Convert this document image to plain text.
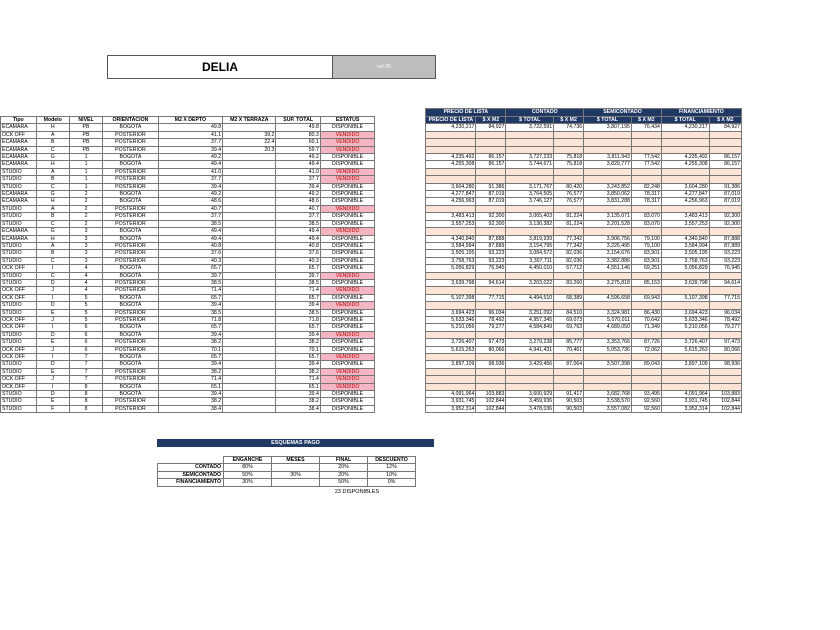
DELIA	oct-25
									PRECIO DE LISTA		CONTADO		SEMICONTADO		FINANCIAMIENTO	
Tipo	Modelo	NIVEL	ORIENTACION	M2 X DEPTO	M2 X TERRAZA	SUP. TOTAL	ESTATUS		PRECIO DE LISTA	$ X M2	$ TOTAL	$ X M2	$ TOTAL	$ X M2	$ TOTAL	$ X M2
ECAMARA	H	PB	BOGOTA	49.8		49.8	DISPONIBLE		4,230,217	84,927	3,722,591	74,736	3,807,195	76,434	4,230,217	84,927
OCK OFF	A	PB	POSTERIOR	41.1	39.2	80.3	VENDIDO									
ECAMARA	B	PB	POSTERIOR	37.7	22.4	60.1	VENDIDO									
ECAMARA	C	PB	POSTERIOR	39.4	20.3	59.7	VENDIDO									
ECAMARA	G	1	BOGOTA	49.2		49.2	DISPONIBLE		4,235,492	86,157	3,727,233	75,818	3,811,943	77,542	4,235,492	86,157
ECAMARA	H	1	BOGOTA	49.4		49.4	DISPONIBLE		4,255,308	86,157	3,744,671	75,818	3,829,777	77,542	4,255,308	86,157
STUDIO	A	1	POSTERIOR	41.0		41.0	VENDIDO									
STUDIO	B	1	POSTERIOR	37.7		37.7	VENDIDO									
STUDIO	C	1	POSTERIOR	39.4		39.4	DISPONIBLE		3,604,280	91,386	3,171,767	80,420	3,243,852	82,248	3,604,280	91,386
ECAMARA	G	2	BOGOTA	49.2		49.2	DISPONIBLE		4,277,847	87,019	3,764,505	76,577	3,850,062	78,317	4,277,847	87,019
ECAMARA	H	2	BOGOTA	48.6		48.6	DISPONIBLE		4,256,963	87,019	3,746,127	76,577	3,831,288	78,317	4,256,963	87,019
STUDIO	A	2	POSTERIOR	40.7		40.7	VENDIDO									
STUDIO	B	2	POSTERIOR	37.7		37.7	DISPONIBLE		3,483,413	92,300	3,065,403	81,224	3,135,071	83,070	3,483,413	92,300
STUDIO	C	2	POSTERIOR	38.5		38.5	DISPONIBLE		3,557,253	92,300	3,130,382	81,224	3,201,528	83,070	3,557,253	92,300
ECAMARA	G	3	BOGOTA	49.4		49.4	VENDIDO									
ECAMARA	H	3	BOGOTA	49.4		49.4	DISPONIBLE		4,340,840	87,888	3,819,939	77,342	3,906,756	79,100	4,340,840	87,888
STUDIO	A	3	POSTERIOR	40.8		40.8	DISPONIBLE		3,584,994	87,889	3,154,795	77,342	3,226,495	79,100	3,584,994	87,889
STUDIO	B	3	POSTERIOR	37.6		37.6	DISPONIBLE		3,505,195	93,223	3,084,572	82,036	3,154,676	83,901	3,505,195	93,223
STUDIO	C	3	POSTERIOR	40.3		40.3	DISPONIBLE		3,758,763	93,223	3,307,711	82,036	3,382,886	83,901	3,758,763	93,223
OCK OFF	I	4	BOGOTA	65.7		65.7	DISPONIBLE		5,056,829	76,945	4,450,010	67,712	4,551,146	69,251	5,056,829	76,945
STUDIO	C	4	BOGOTA	39.7		39.7	VENDIDO									
STUDIO	D	4	POSTERIOR	38.5		38.5	DISPONIBLE		3,639,798	94,614	3,203,022	83,260	3,275,818	85,153	3,639,798	94,614
OCK OFF	J	4	POSTERIOR	71.4		71.4	VENDIDO									
OCK OFF	I	5	BOGOTA	65.7		65.7	DISPONIBLE		5,107,398	77,715	4,494,510	68,389	4,596,658	69,943	5,107,398	77,715
STUDIO	D	5	BOGOTA	39.4		39.4	VENDIDO									
STUDIO	E	5	POSTERIOR	38.5		38.5	DISPONIBLE		3,694,423	96,034	3,251,092	84,510	3,324,981	86,430	3,694,423	96,034
OCK OFF	J	5	POSTERIOR	71.8		71.8	DISPONIBLE		5,633,346	78,492	4,957,345	69,073	5,070,011	70,642	5,633,346	78,492
OCK OFF	I	6	BOGOTA	65.7		65.7	DISPONIBLE		5,210,056	79,277	4,584,849	69,763	4,689,050	71,349	5,210,056	79,277
STUDIO	D	6	BOGOTA	39.4		39.4	VENDIDO									
STUDIO	E	6	POSTERIOR	38.2		38.2	DISPONIBLE		3,726,407	97,473	3,279,238	85,777	3,353,766	87,726	3,726,407	97,473
OCK OFF	J	6	POSTERIOR	70.1		70.1	DISPONIBLE		5,615,263	80,066	4,941,431	70,461	5,053,736	72,062	5,615,263	80,066
OCK OFF	I	7	BOGOTA	65.7		65.7	VENDIDO									
STUDIO	D	7	BOGOTA	39.4		39.4	DISPONIBLE		3,897,109	98,936	3,429,456	87,064	3,507,398	89,043	3,897,109	98,936
STUDIO	E	7	POSTERIOR	38.2		38.2	VENDIDO									
OCK OFF	J	7	POSTERIOR	71.4		71.4	VENDIDO									
OCK OFF	I	8	BOGOTA	65.1		65.1	VENDIDO									
STUDIO	D	8	BOGOTA	39.4		39.4	DISPONIBLE		4,091,964	103,883	3,600,929	91,417	3,682,768	93,495	4,091,964	103,883
STUDIO	E	8	POSTERIOR	38.2		38.2	DISPONIBLE		3,931,745	102,844	3,459,936	90,503	3,538,570	92,560	3,931,745	102,844
STUDIO	F	8	POSTERIOR	38.4		38.4	DISPONIBLE		3,952,314	102,844	3,478,036	90,503	3,557,082	92,560	3,952,314	102,844
ESQUEMAS PAGO
	ENGANCHE	MESES	FINAL	DESCUENTO
CONTADO	80%		20%	12%
SEMICONTADO	50%	30%	20%	10%
FINANCIAMIENTO	30%		50%	0%
23 DISPONIBLES
